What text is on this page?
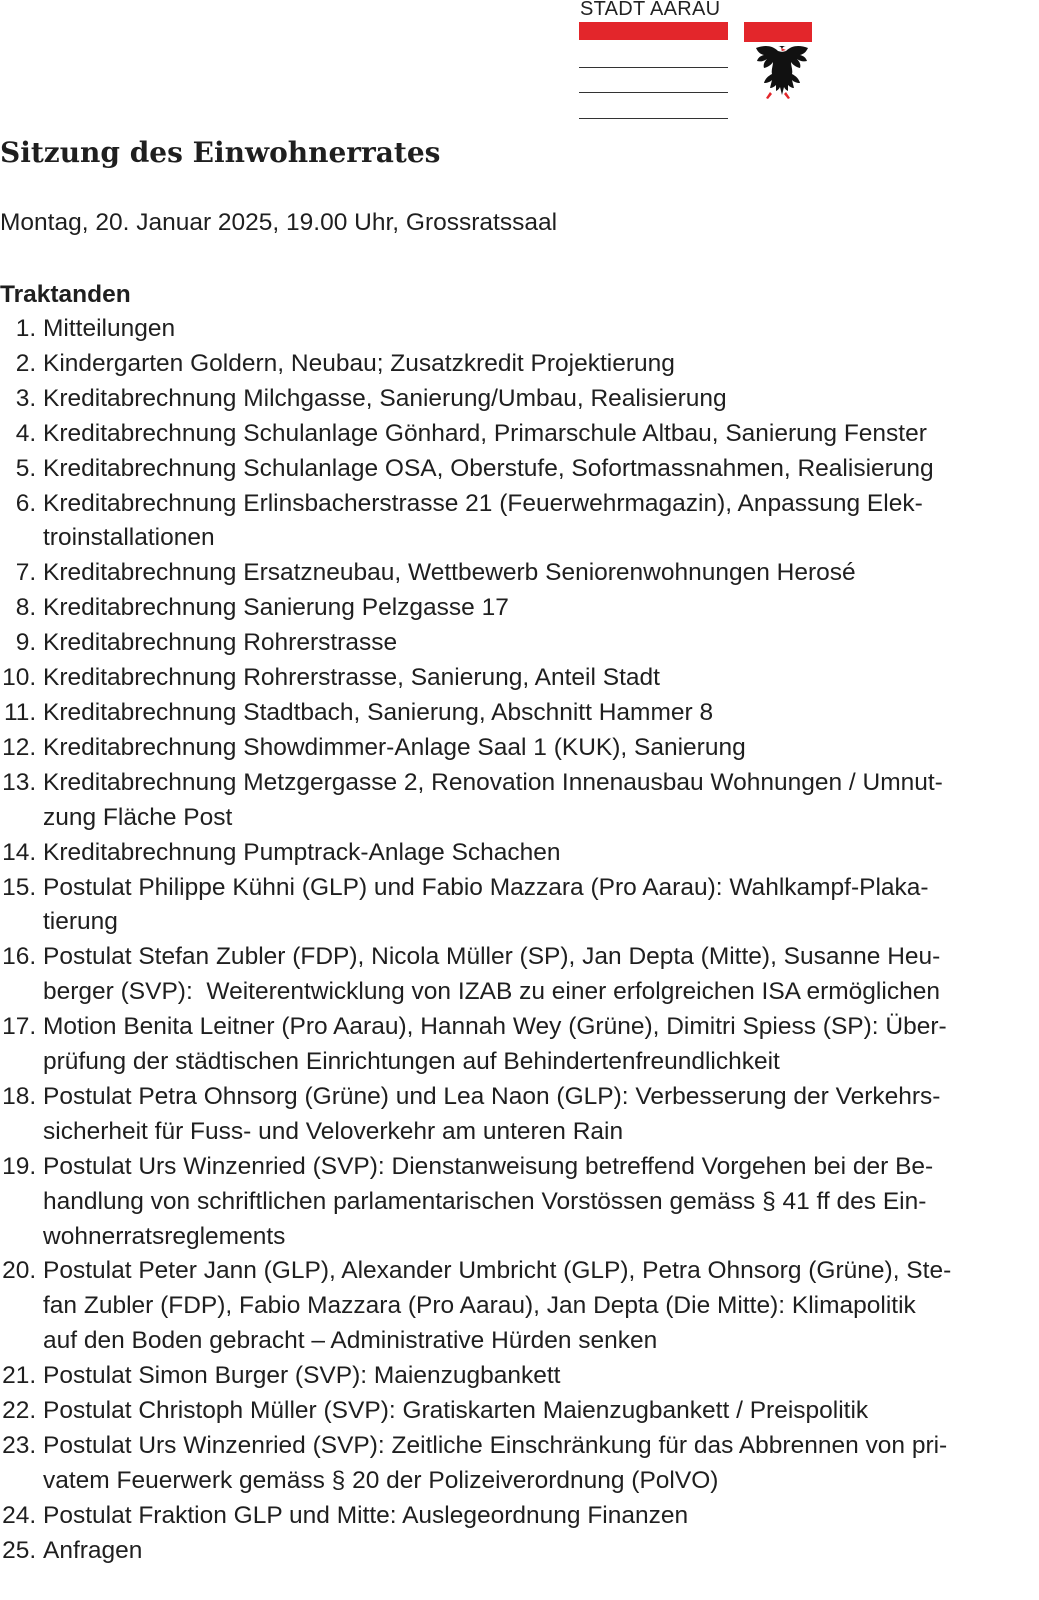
STADT AARAU
Sitzung des Einwohnerrates
Montag, 20. Januar 2025, 19.00 Uhr, Grossratssaal
Traktanden
1. Mitteilungen
2. Kindergarten Goldern, Neubau; Zusatzkredit Projektierung
3. Kreditabrechnung Milchgasse, Sanierung/Umbau, Realisierung
4. Kreditabrechnung Schulanlage Gönhard, Primarschule Altbau, Sanierung Fenster
5. Kreditabrechnung Schulanlage OSA, Oberstufe, Sofortmassnahmen, Realisierung
6. Kreditabrechnung Erlinsbacherstrasse 21 (Feuerwehrmagazin), Anpassung Elek-
troinstallationen
7. Kreditabrechnung Ersatzneubau, Wettbewerb Seniorenwohnungen Herosé
8. Kreditabrechnung Sanierung Pelzgasse 17
9. Kreditabrechnung Rohrerstrasse
10. Kreditabrechnung Rohrerstrasse, Sanierung, Anteil Stadt
11. Kreditabrechnung Stadtbach, Sanierung, Abschnitt Hammer 8
12. Kreditabrechnung Showdimmer-Anlage Saal 1 (KUK), Sanierung
13. Kreditabrechnung Metzgergasse 2, Renovation Innenausbau Wohnungen / Umnut-
zung Fläche Post
14. Kreditabrechnung Pumptrack-Anlage Schachen
15. Postulat Philippe Kühni (GLP) und Fabio Mazzara (Pro Aarau): Wahlkampf-Plaka-
tierung
16. Postulat Stefan Zubler (FDP), Nicola Müller (SP), Jan Depta (Mitte), Susanne Heu-
berger (SVP):  Weiterentwicklung von IZAB zu einer erfolgreichen ISA ermöglichen
17. Motion Benita Leitner (Pro Aarau), Hannah Wey (Grüne), Dimitri Spiess (SP): Über-
prüfung der städtischen Einrichtungen auf Behindertenfreundlichkeit
18. Postulat Petra Ohnsorg (Grüne) und Lea Naon (GLP): Verbesserung der Verkehrs-
sicherheit für Fuss- und Veloverkehr am unteren Rain
19. Postulat Urs Winzenried (SVP): Dienstanweisung betreffend Vorgehen bei der Be-
handlung von schriftlichen parlamentarischen Vorstössen gemäss § 41 ff des Ein-
wohnerratsreglements
20. Postulat Peter Jann (GLP), Alexander Umbricht (GLP), Petra Ohnsorg (Grüne), Ste-
fan Zubler (FDP), Fabio Mazzara (Pro Aarau), Jan Depta (Die Mitte): Klimapolitik
auf den Boden gebracht – Administrative Hürden senken
21. Postulat Simon Burger (SVP): Maienzugbankett
22. Postulat Christoph Müller (SVP): Gratiskarten Maienzugbankett / Preispolitik
23. Postulat Urs Winzenried (SVP): Zeitliche Einschränkung für das Abbrennen von pri-
vatem Feuerwerk gemäss § 20 der Polizeiverordnung (PolVO)
24. Postulat Fraktion GLP und Mitte: Auslegeordnung Finanzen
25. Anfragen
